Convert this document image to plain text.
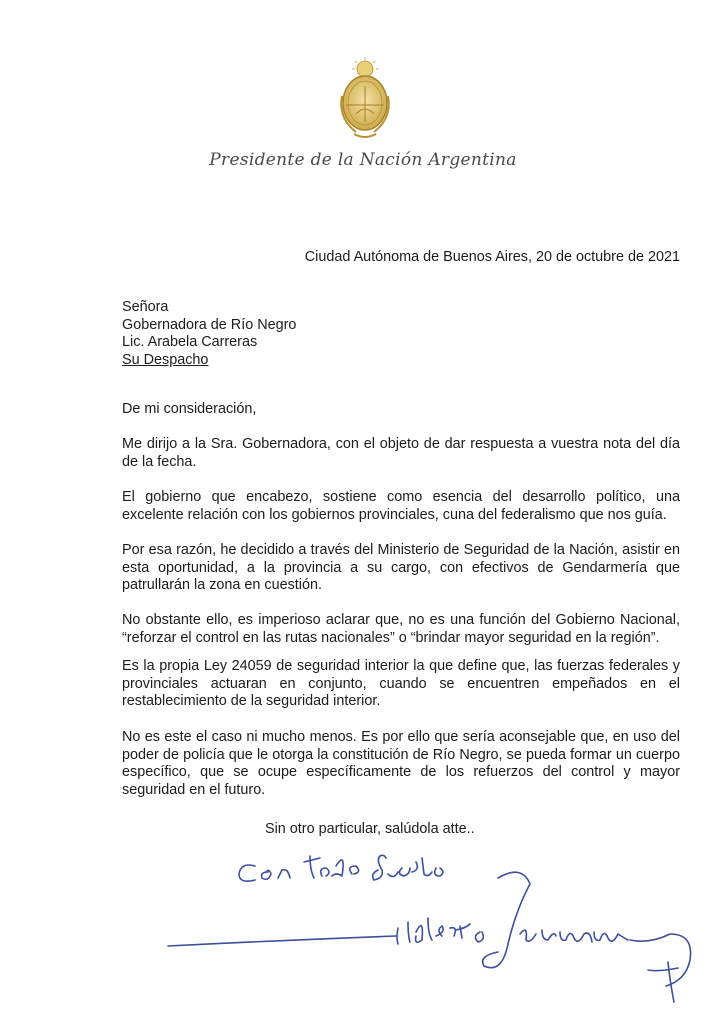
Presidente de la Nación Argentina
Ciudad Autónoma de Buenos Aires, 20 de octubre de 2021
Señora
Gobernadora de Río Negro
Lic. Arabela Carreras
Su Despacho
De mi consideración,
Me dirijo a la Sra. Gobernadora, con el objeto de dar respuesta a vuestra nota del día de la fecha.
El gobierno que encabezo, sostiene como esencia del desarrollo político, una excelente relación con los gobiernos provinciales, cuna del federalismo que nos guía.
Por esa razón, he decidido a través del Ministerio de Seguridad de la Nación, asistir en esta oportunidad, a la provincia a su cargo, con efectivos de Gendarmería que patrullarán la zona en cuestión.
No obstante ello, es imperioso aclarar que, no es una función del Gobierno Nacional, “reforzar el control en las rutas nacionales” o “brindar mayor seguridad en la región”.
Es la propia Ley 24059 de seguridad interior la que define que, las fuerzas federales y provinciales actuaran en conjunto, cuando se encuentren empeñados en el restablecimiento de la seguridad interior.
No es este el caso ni mucho menos. Es por ello que sería aconsejable que, en uso del poder de policía que le otorga la constitución de Río Negro, se pueda formar un cuerpo específico, que se ocupe específicamente de los refuerzos del control y mayor seguridad en el futuro.
Sin otro particular, salúdola atte..
